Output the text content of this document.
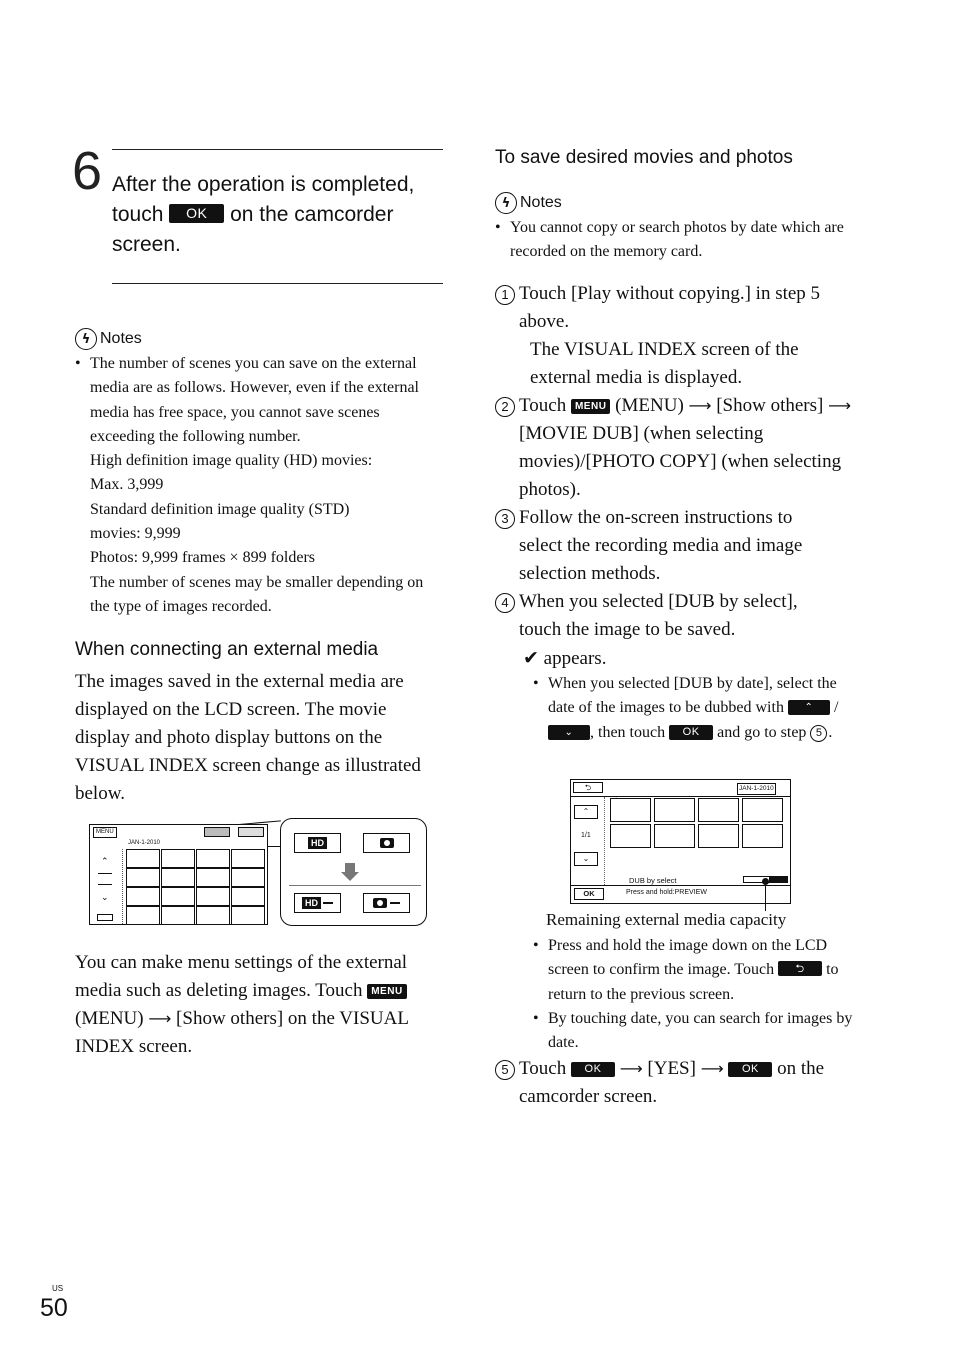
6 After the operation is completed,
touch OK on the camcorder
screen.
ϟ Notes
• The number of scenes you can save on the external media are as follows. However, even if the external media has free space, you cannot save scenes exceeding the following number.
High definition image quality (HD) movies:
Max. 3,999
Standard definition image quality (STD)
movies: 9,999
Photos: 9,999 frames × 899 folders
The number of scenes may be smaller depending on the type of images recorded.
When connecting an external media
The images saved in the external media are displayed on the LCD screen. The movie display and photo display buttons on the VISUAL INDEX screen change as illustrated below.
MENU
JAN-1-2010
⌃
⌄
HD
HD
You can make menu settings of the external media such as deleting images. Touch MENU (MENU) ⟶ [Show others] on the VISUAL INDEX screen.
To save desired movies and photos
ϟ Notes
• You cannot copy or search photos by date which are recorded on the memory card.
1 Touch [Play without copying.] in step 5 above.
The VISUAL INDEX screen of the external media is displayed.
2 Touch MENU (MENU) ⟶ [Show others] ⟶ [MOVIE DUB] (when selecting movies)/[PHOTO COPY] (when selecting photos).
3 Follow the on-screen instructions to select the recording media and image selection methods.
4 When you selected [DUB by select], touch the image to be saved.
✔ appears.
• When you selected [DUB by date], select the date of the images to be dubbed with ⌃ / ⌄ , then touch OK and go to step 5 .
⮌	JAN-1-2010
⌃
1/1
⌄
DUB by select
OK	Press and hold:PREVIEW
Remaining external media capacity
• Press and hold the image down on the LCD screen to confirm the image. Touch ⮌ to return to the previous screen.
• By touching date, you can search for images by date.
5 Touch OK ⟶ [YES] ⟶ OK on the
camcorder screen.
US
50
